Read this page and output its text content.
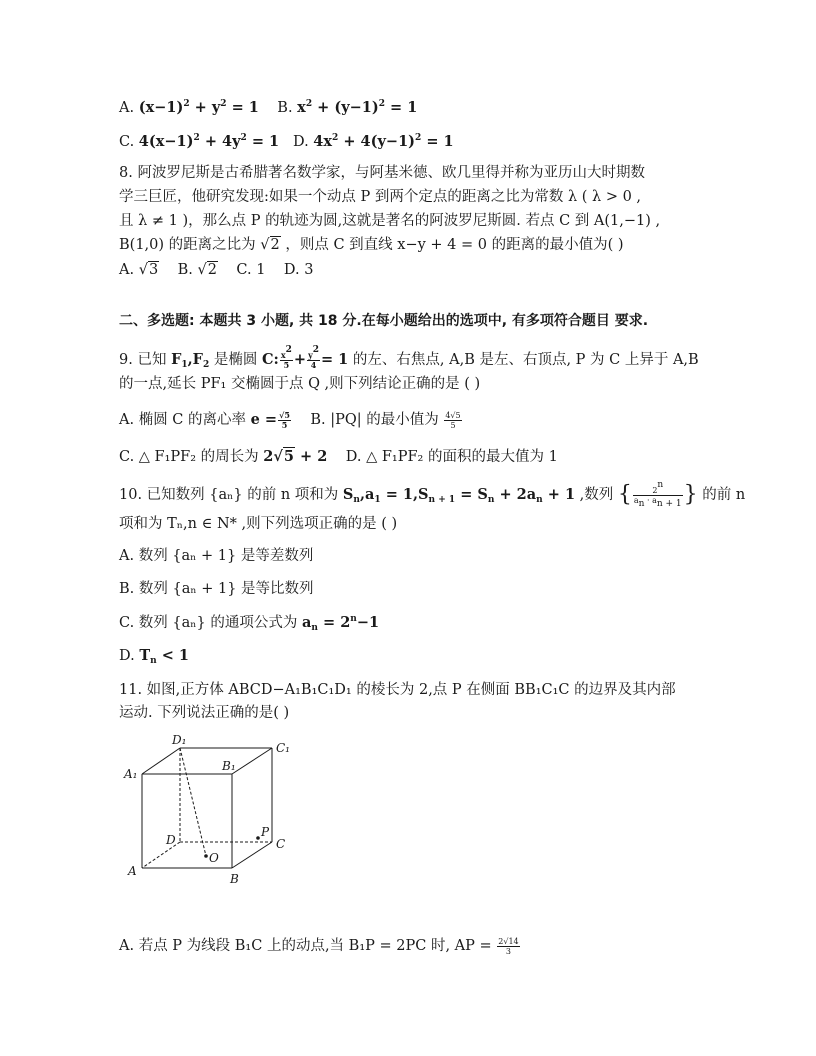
A. $(x-1)^2 + y^2 = 1$ B. $x^2 + (y-1)^2 = 1$
C. $4(x-1)^2 + 4y^2 = 1$ D. $4x^2 + 4(y-1)^2 = 1$
8. 阿波罗尼斯是古希腊著名数学家，与阿基米德、欧几里得并称为亚历山大时期数
学三巨匠，他研究发现:如果一个动点 P 到两个定点的距离之比为常数 λ ( λ > 0 ,
且 λ ≠ 1 )，那么点 P 的轨迹为圆,这就是著名的阿波罗尼斯圆. 若点 C 到 A(1,−1) ,
B(1,0) 的距离之比为 √2 ，则点 C 到直线 x−y + 4 = 0 的距离的最小值为( )
A. √3    B. √2    C. 1    D. 3
二、多选题: 本题共 3 小题, 共 18 分.在每小题给出的选项中, 有多项符合题目 要求.
9. 已知 $F_1,F_2$ 是椭圆 C: $\frac{x^2}{5} + \frac{y^2}{4} = 1$ 的左、右焦点, A,B 是左、右顶点, P 为 C 上异于 A,B
的一点,延长 PF₁ 交椭圆于点 Q ,则下列结论正确的是 ( )
A. 椭圆 C 的离心率 $e = \frac{√5}{5} B$. |PQ| 的最小值为 $\frac{4√5}{5}$
C. △ F₁PF₂ 的周长为 2√5 + 2 D. △ F₁PF₂ 的面积的最大值为 1
10. 已知数列 {aₙ} 的前 n 项和为 $S_n,a_1 = 1,S_{n + 1} = S_n + 2a_n + 1$ ,数列 { $\frac{2^n}{a_n \cdot a_{n + 1}}$ } 的前 n
项和为 Tₙ,n ∈ N* ,则下列选项正确的是 ( )
A. 数列 {aₙ + 1} 是等差数列
B. 数列 {aₙ + 1} 是等比数列
C. 数列 {aₙ} 的通项公式为 $a_n = 2^n-1$
D. $T_n < 1$
11. 如图,正方体 ABCD−A₁B₁C₁D₁ 的棱长为 2,点 P 在侧面 BB₁C₁C 的边界及其内部
运动. 下列说法正确的是( )
D₁
C₁
A₁
B₁
D
P
C
O
A
B
A. 若点 P 为线段 B₁C 上的动点,当 B₁P = 2PC 时, AP = $\frac{2√14}{3}$
